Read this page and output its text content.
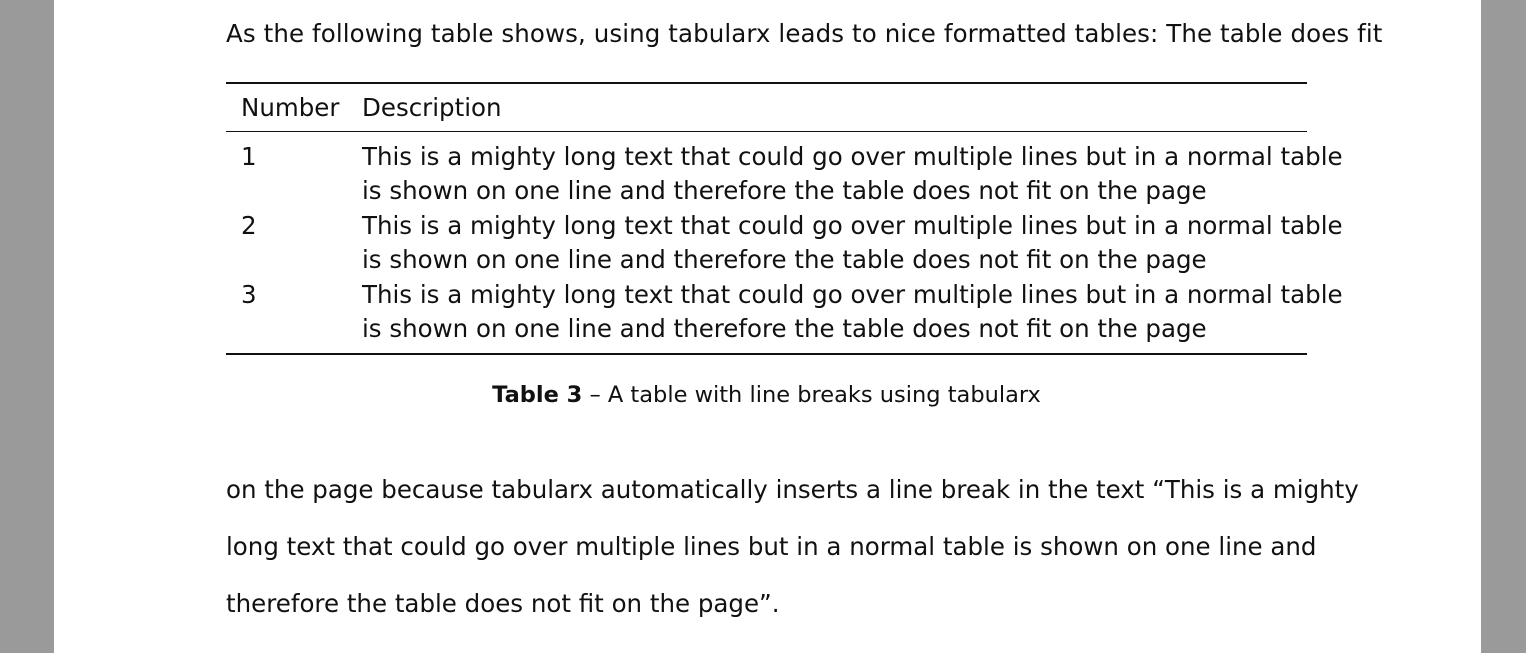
As the following table shows, using tabularx leads to nice formatted tables: The table does fit
Number Description
1	This is a mighty long text that could go over multiple lines but in a normal table
is shown on one line and therefore the table does not fit on the page
2	This is a mighty long text that could go over multiple lines but in a normal table
is shown on one line and therefore the table does not fit on the page
3	This is a mighty long text that could go over multiple lines but in a normal table
is shown on one line and therefore the table does not fit on the page
Table 3 – A table with line breaks using tabularx
on the page because tabularx automatically inserts a line break in the text “This is a mighty
long text that could go over multiple lines but in a normal table is shown on one line and
therefore the table does not fit on the page”.
